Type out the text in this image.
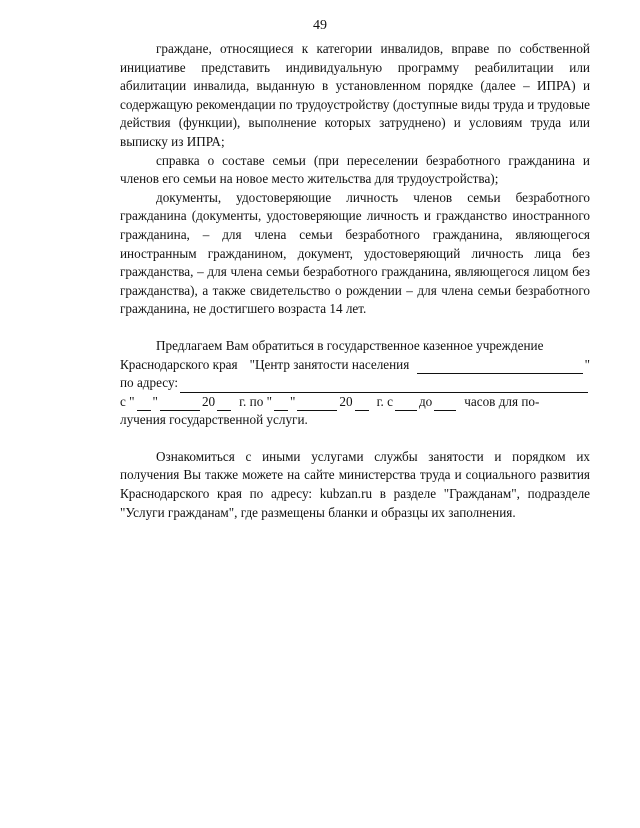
49

граждане, относящиеся к категории инвалидов, вправе по собственной инициативе представить индивидуальную программу реабилитации или абилитации инвалида, выданную в установленном порядке (далее – ИПРА) и содержащую рекомендации по трудоустройству (доступные виды труда и трудовые действия (функции), выполнение которых затруднено) и условиям труда или выписку из ИПРА;

справка о составе семьи (при переселении безработного гражданина и членов его семьи на новое место жительства для трудоустройства);

документы, удостоверяющие личность членов семьи безработного гражданина (документы, удостоверяющие личность и гражданство иностранного гражданина, – для члена семьи безработного гражданина, являющегося иностранным гражданином, документ, удостоверяющий личность лица без гражданства, – для члена семьи безработного гражданина, являющегося лицом без гражданства), а также свидетельство о рождении – для члена семьи безработного гражданина, не достигшего возраста 14 лет.

Предлагаем Вам обратиться в государственное казенное учреждение

Краснодарского края "Центр занятости населения	"
по адресу:
с " "	20 г. по " "	20 г. с до часов для по-

лучения государственной услуги.

Ознакомиться с иными услугами службы занятости и порядком их получения Вы также можете на сайте министерства труда и социального развития Краснодарского края по адресу: kubzan.ru в разделе "Гражданам", подразделе "Услуги гражданам", где размещены бланки и образцы их заполнения.
